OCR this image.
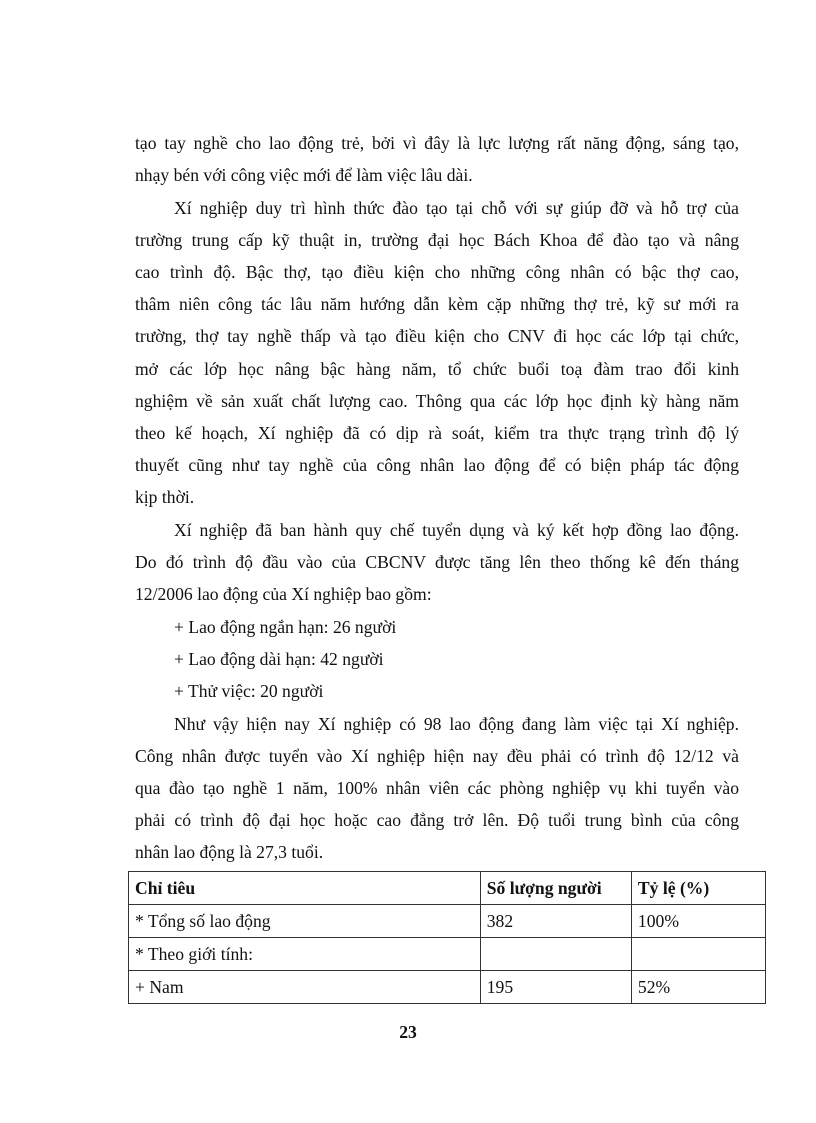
tạo tay nghề cho lao động trẻ, bởi vì đây là lực lượng rất năng động, sáng tạo,
nhạy bén với công việc mới để làm việc lâu dài.
Xí nghiệp duy trì hình thức đào tạo tại chỗ với sự giúp đỡ và hỗ trợ của
trường trung cấp kỹ thuật in, trường đại học Bách Khoa để đào tạo và nâng
cao trình độ. Bậc thợ, tạo điều kiện cho những công nhân có bậc thợ cao,
thâm niên công tác lâu năm hướng dẫn kèm cặp những thợ trẻ, kỹ sư mới ra
trường, thợ tay nghề thấp và tạo điều kiện cho CNV đi học các lớp tại chức,
mở các lớp học nâng bậc hàng năm, tổ chức buổi toạ đàm trao đổi kinh
nghiệm về sản xuất chất lượng cao. Thông qua các lớp học định kỳ hàng năm
theo kế hoạch, Xí nghiệp đã có dịp rà soát, kiểm tra thực trạng trình độ lý
thuyết cũng như tay nghề của công nhân lao động để có biện pháp tác động
kịp thời.
Xí nghiệp đã ban hành quy chế tuyển dụng và ký kết hợp đồng lao động.
Do đó trình độ đầu vào của CBCNV được tăng lên theo thống kê đến tháng
12/2006 lao động của Xí nghiệp bao gồm:
+ Lao động ngắn hạn: 26 người
+ Lao động dài hạn: 42 người
+ Thử việc: 20 người
Như vậy hiện nay Xí nghiệp có 98 lao động đang làm việc tại Xí nghiệp.
Công nhân được tuyển vào Xí nghiệp hiện nay đều phải có trình độ 12/12 và
qua đào tạo nghề 1 năm, 100% nhân viên các phòng nghiệp vụ khi tuyển vào
phải có trình độ đại học hoặc cao đẳng trở lên. Độ tuổi trung bình của công
nhân lao động là 27,3 tuổi.
Chỉ tiêu	Số lượng người	Tỷ lệ (%)
* Tổng số lao động	382	100%
* Theo giới tính:		
+ Nam	195	52%
23
